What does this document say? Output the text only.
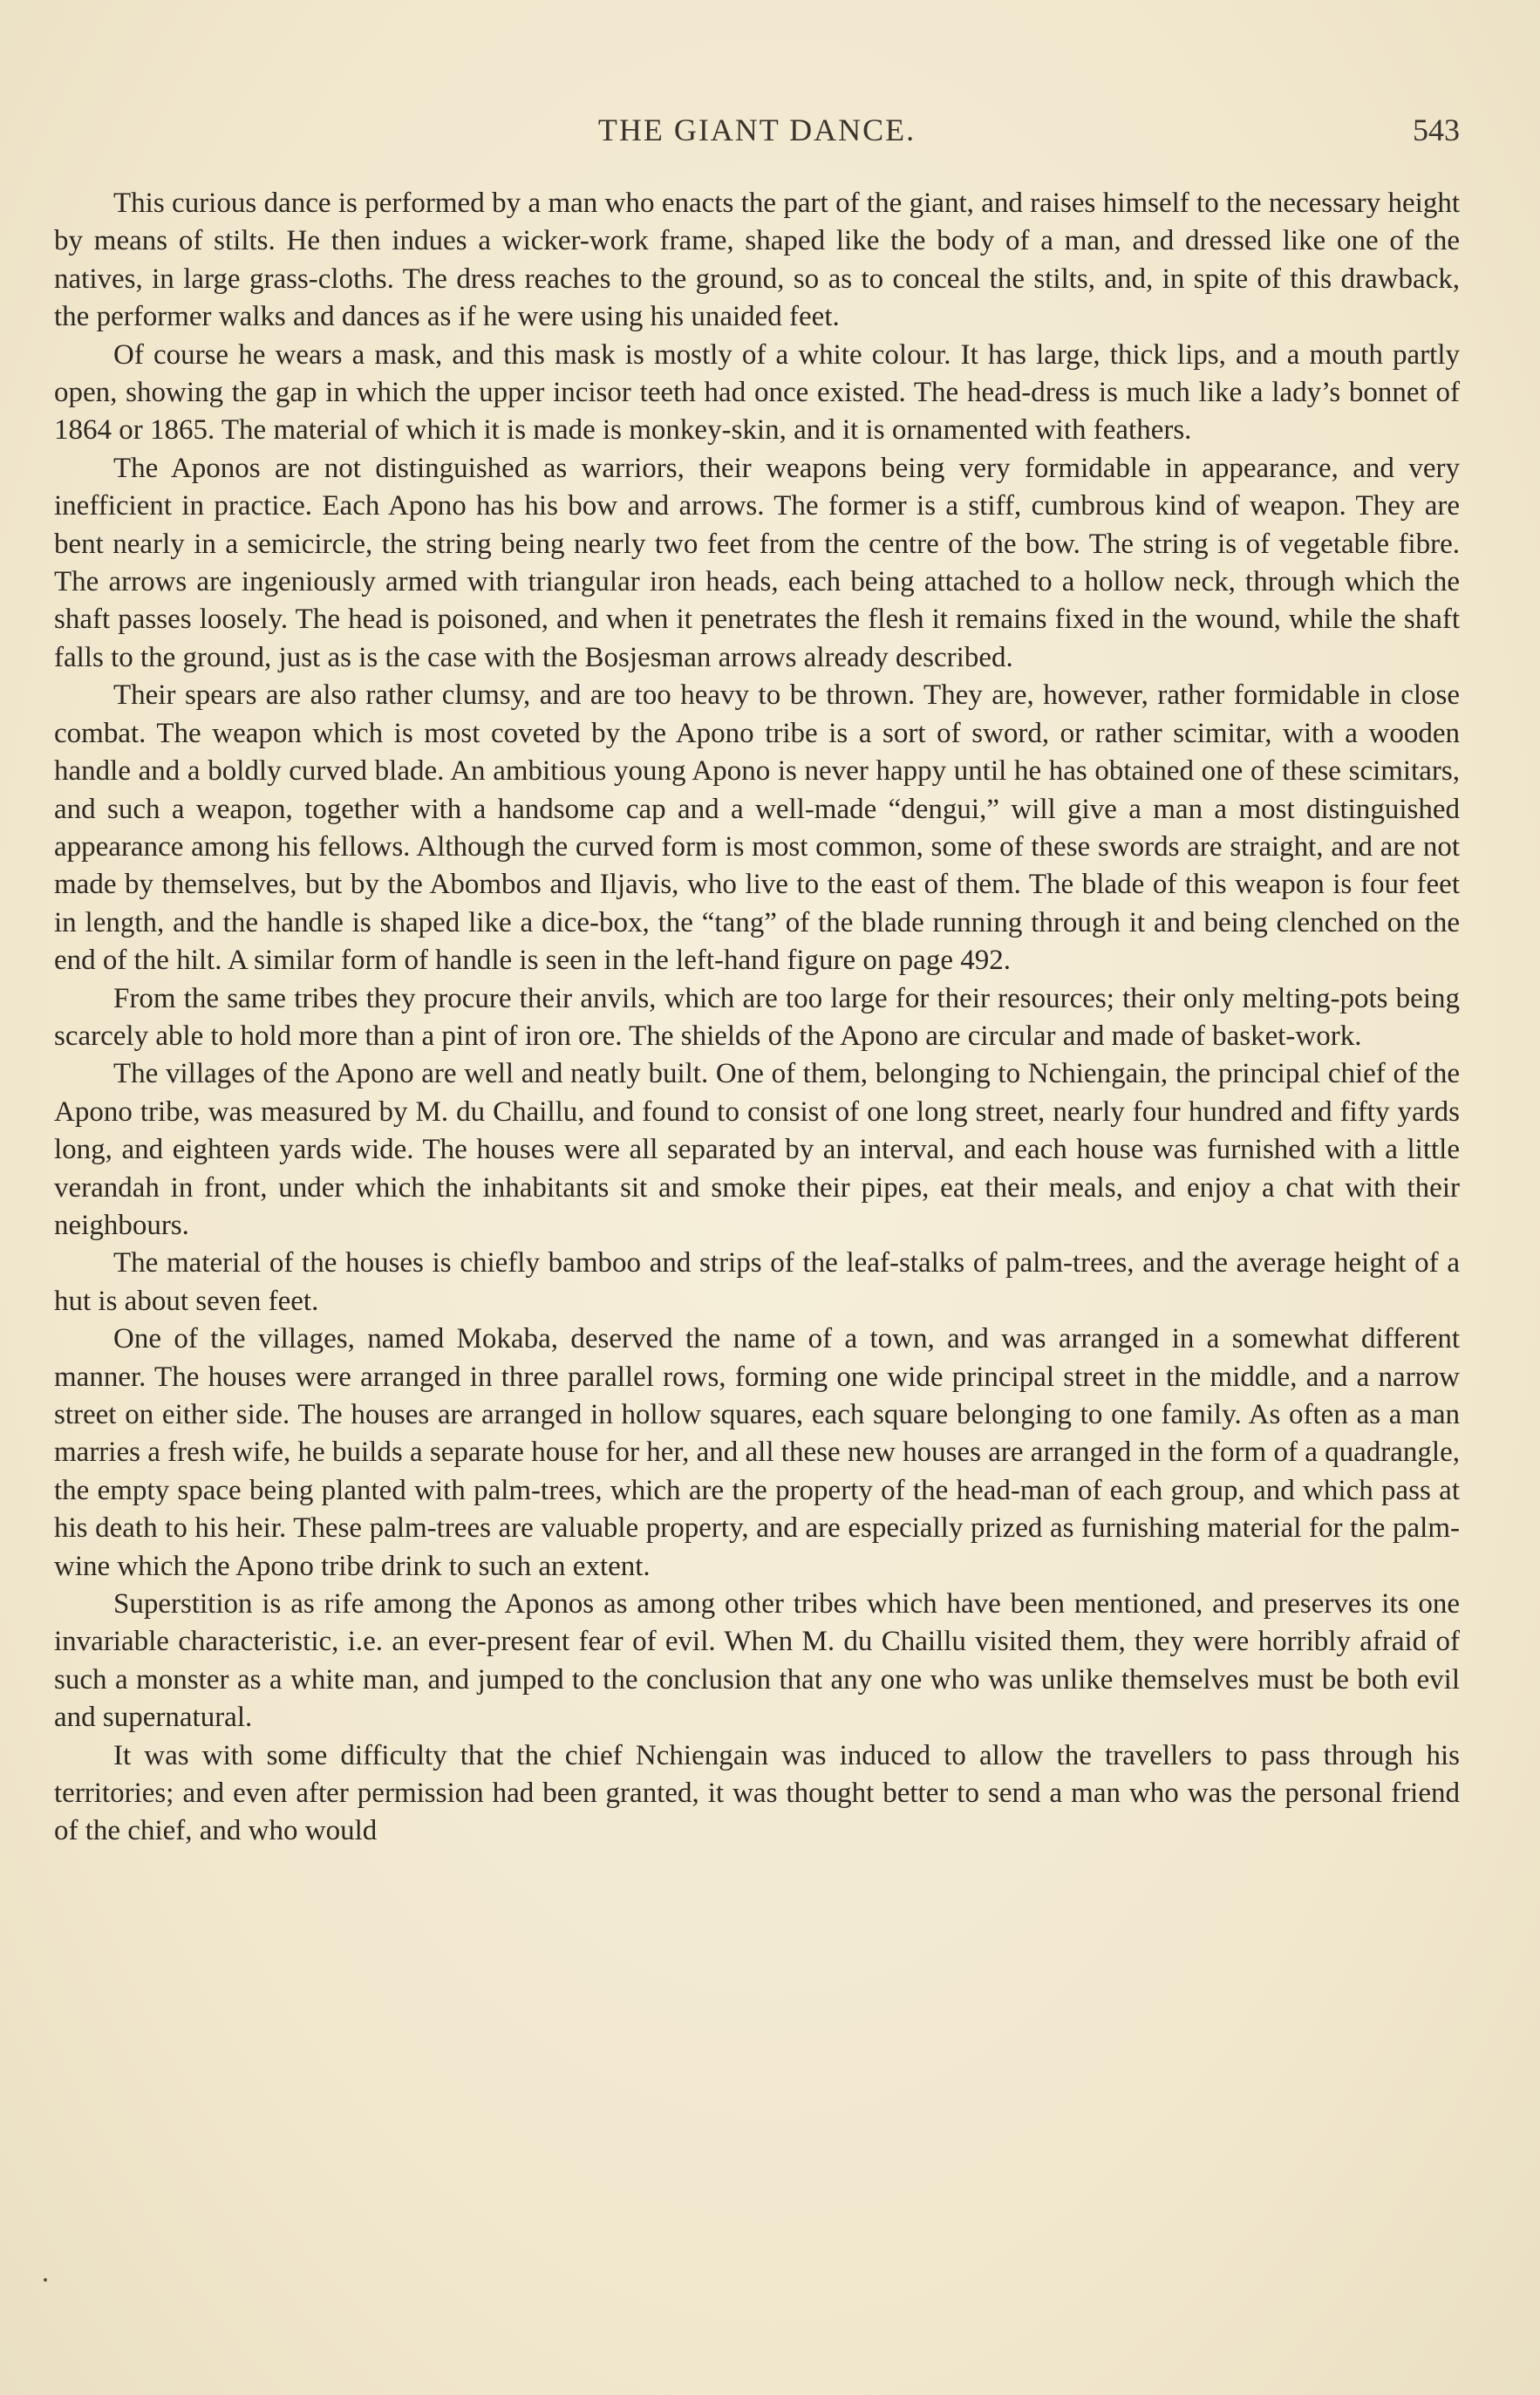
THE GIANT DANCE.	543

This curious dance is performed by a man who enacts the part of the giant, and raises himself to the necessary height by means of stilts. He then indues a wicker-work frame, shaped like the body of a man, and dressed like one of the natives, in large grass-cloths. The dress reaches to the ground, so as to conceal the stilts, and, in spite of this drawback, the performer walks and dances as if he were using his unaided feet.

Of course he wears a mask, and this mask is mostly of a white colour. It has large, thick lips, and a mouth partly open, showing the gap in which the upper incisor teeth had once existed. The head-dress is much like a lady’s bonnet of 1864 or 1865. The material of which it is made is monkey-skin, and it is ornamented with feathers.

The Aponos are not distinguished as warriors, their weapons being very formidable in appearance, and very inefficient in practice. Each Apono has his bow and arrows. The former is a stiff, cumbrous kind of weapon. They are bent nearly in a semicircle, the string being nearly two feet from the centre of the bow. The string is of vegetable fibre. The arrows are ingeniously armed with triangular iron heads, each being attached to a hollow neck, through which the shaft passes loosely. The head is poisoned, and when it penetrates the flesh it remains fixed in the wound, while the shaft falls to the ground, just as is the case with the Bosjesman arrows already described.

Their spears are also rather clumsy, and are too heavy to be thrown. They are, however, rather formidable in close combat. The weapon which is most coveted by the Apono tribe is a sort of sword, or rather scimitar, with a wooden handle and a boldly curved blade. An ambitious young Apono is never happy until he has obtained one of these scimitars, and such a weapon, together with a handsome cap and a well-made “dengui,” will give a man a most distinguished appearance among his fellows. Although the curved form is most common, some of these swords are straight, and are not made by themselves, but by the Abombos and Iljavis, who live to the east of them. The blade of this weapon is four feet in length, and the handle is shaped like a dice-box, the “tang” of the blade running through it and being clenched on the end of the hilt. A similar form of handle is seen in the left-hand figure on page 492.

From the same tribes they procure their anvils, which are too large for their resources; their only melting-pots being scarcely able to hold more than a pint of iron ore. The shields of the Apono are circular and made of basket-work.

The villages of the Apono are well and neatly built. One of them, belonging to Nchiengain, the principal chief of the Apono tribe, was measured by M. du Chaillu, and found to consist of one long street, nearly four hundred and fifty yards long, and eighteen yards wide. The houses were all separated by an interval, and each house was furnished with a little verandah in front, under which the inhabitants sit and smoke their pipes, eat their meals, and enjoy a chat with their neighbours.

The material of the houses is chiefly bamboo and strips of the leaf-stalks of palm-trees, and the average height of a hut is about seven feet.

One of the villages, named Mokaba, deserved the name of a town, and was arranged in a somewhat different manner. The houses were arranged in three parallel rows, forming one wide principal street in the middle, and a narrow street on either side. The houses are arranged in hollow squares, each square belonging to one family. As often as a man marries a fresh wife, he builds a separate house for her, and all these new houses are arranged in the form of a quadrangle, the empty space being planted with palm-trees, which are the property of the head-man of each group, and which pass at his death to his heir. These palm-trees are valuable property, and are especially prized as furnishing material for the palm-wine which the Apono tribe drink to such an extent.

Superstition is as rife among the Aponos as among other tribes which have been mentioned, and preserves its one invariable characteristic, i.e. an ever-present fear of evil. When M. du Chaillu visited them, they were horribly afraid of such a monster as a white man, and jumped to the conclusion that any one who was unlike themselves must be both evil and supernatural.

It was with some difficulty that the chief Nchiengain was induced to allow the travellers to pass through his territories; and even after permission had been granted, it was thought better to send a man who was the personal friend of the chief, and who would
